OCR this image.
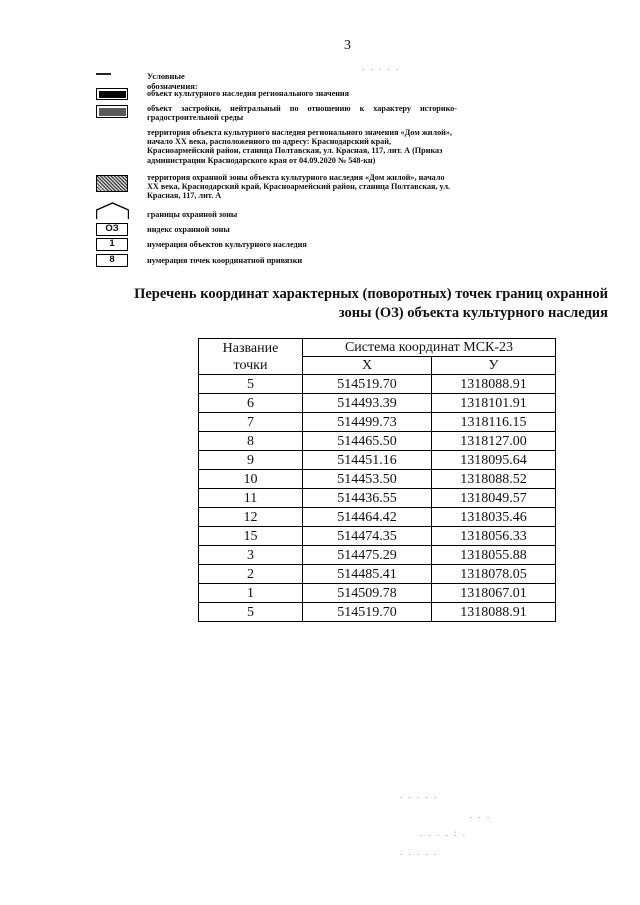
3
. . . . .
Условные обозначения:
объект культурного наследия регионального значения
объект застройки, нейтральный по отношению к характеру историко-градостроительной среды
территория объекта культурного наследия регионального значения «Дом жилой», начало XX века, расположенного по адресу: Краснодарский край, Красноармейский район, станица Полтавская, ул. Красная, 117, лит. А (Приказ администрации Краснодарского края от 04.09.2020 № 548-кн)
территория охранной зоны объекта культурного наследия «Дом жилой», начало XX века, Краснодарский край, Красноармейский район, станица Полтавская, ул. Красная, 117, лит. А
границы охранной зоны
ОЗ	индекс охранной зоны
1	нумерация объектов культурного наследия
8	нумерация точек координатной привязки
Перечень координат характерных (поворотных) точек границ охранной зоны (ОЗ) объекта культурного наследия
Название
точки	Система координат МСК-23	
	X	У
5	514519.70	1318088.91
6	514493.39	1318101.91
7	514499.73	1318116.15
8	514465.50	1318127.00
9	514451.16	1318095.64
10	514453.50	1318088.52
11	514436.55	1318049.57
12	514464.42	1318035.46
15	514474.35	1318056.33
3	514475.29	1318055.88
2	514485.41	1318078.05
1	514509.78	1318067.01
5	514519.70	1318088.91
. . . . .
. . .
. . . . : .
. . . . .
